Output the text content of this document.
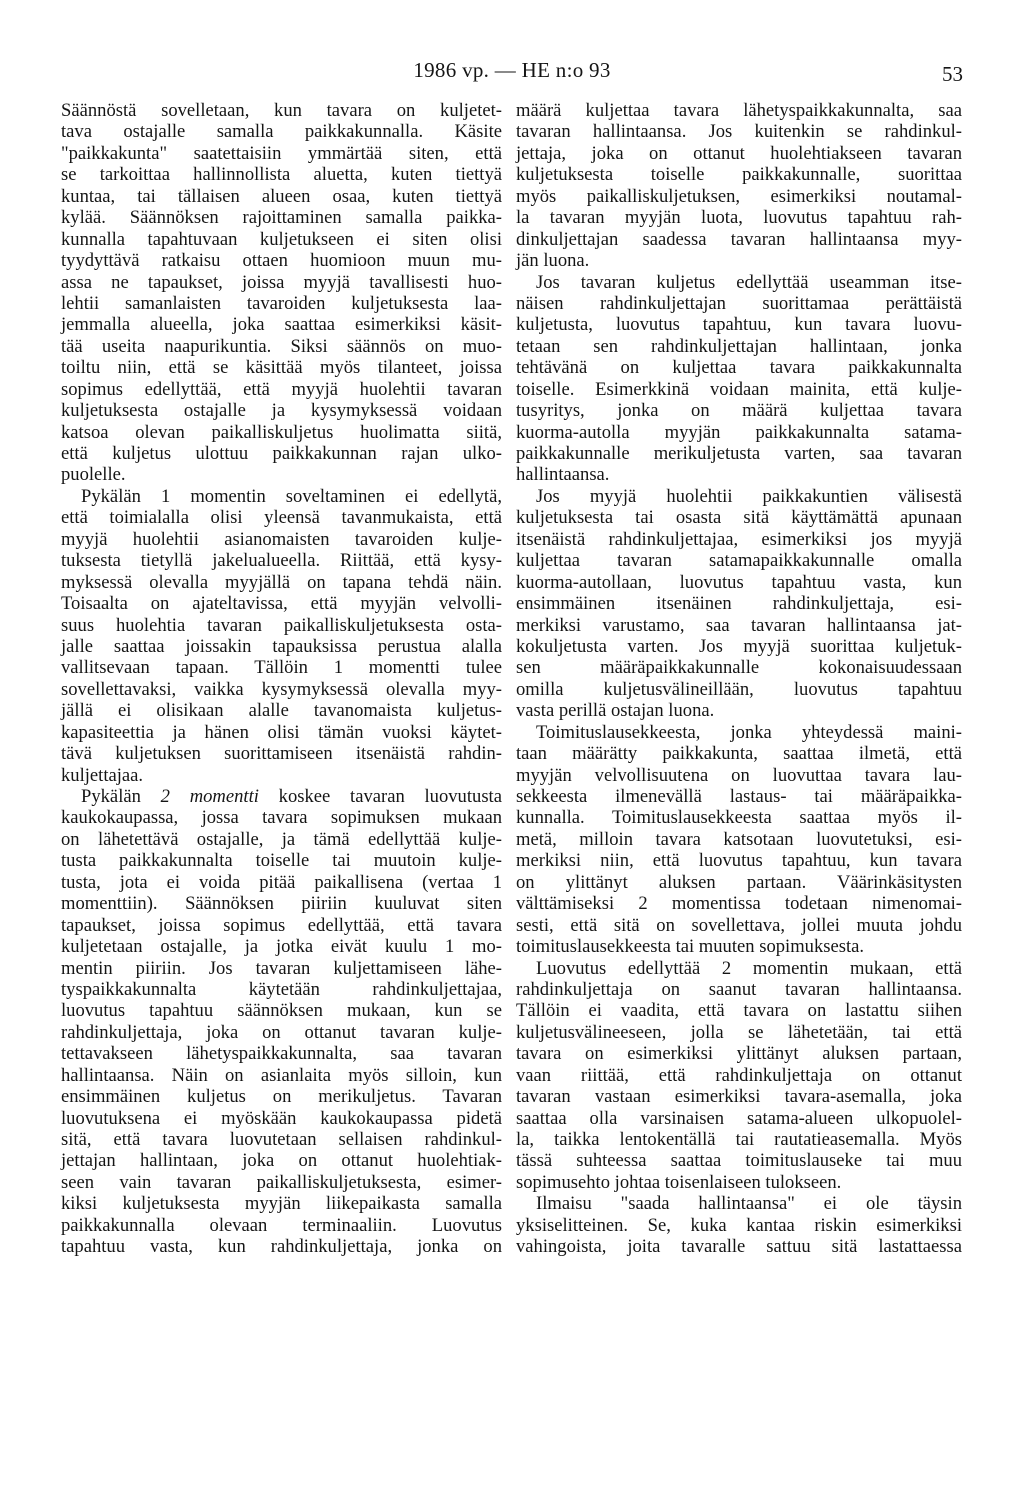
1986 vp. — HE n:o 93	53
Säännöstä sovelletaan, kun tavara on kuljetet-
tava ostajalle samalla paikkakunnalla. Käsite
"paikkakunta" saatettaisiin ymmärtää siten, että
se tarkoittaa hallinnollista aluetta, kuten tiettyä
kuntaa, tai tällaisen alueen osaa, kuten tiettyä
kylää. Säännöksen rajoittaminen samalla paikka-
kunnalla tapahtuvaan kuljetukseen ei siten olisi
tyydyttävä ratkaisu ottaen huomioon muun mu-
assa ne tapaukset, joissa myyjä tavallisesti huo-
lehtii samanlaisten tavaroiden kuljetuksesta laa-
jemmalla alueella, joka saattaa esimerkiksi käsit-
tää useita naapurikuntia. Siksi säännös on muo-
toiltu niin, että se käsittää myös tilanteet, joissa
sopimus edellyttää, että myyjä huolehtii tavaran
kuljetuksesta ostajalle ja kysymyksessä voidaan
katsoa olevan paikalliskuljetus huolimatta siitä,
että kuljetus ulottuu paikkakunnan rajan ulko-
puolelle.
Pykälän 1 momentin soveltaminen ei edellytä,
että toimialalla olisi yleensä tavanmukaista, että
myyjä huolehtii asianomaisten tavaroiden kulje-
tuksesta tietyllä jakelualueella. Riittää, että kysy-
myksessä olevalla myyjällä on tapana tehdä näin.
Toisaalta on ajateltavissa, että myyjän velvolli-
suus huolehtia tavaran paikalliskuljetuksesta osta-
jalle saattaa joissakin tapauksissa perustua alalla
vallitsevaan tapaan. Tällöin 1 momentti tulee
sovellettavaksi, vaikka kysymyksessä olevalla myy-
jällä ei olisikaan alalle tavanomaista kuljetus-
kapasiteettia ja hänen olisi tämän vuoksi käytet-
tävä kuljetuksen suorittamiseen itsenäistä rahdin-
kuljettajaa.
Pykälän 2 momentti koskee tavaran luovutusta
kaukokaupassa, jossa tavara sopimuksen mukaan
on lähetettävä ostajalle, ja tämä edellyttää kulje-
tusta paikkakunnalta toiselle tai muutoin kulje-
tusta, jota ei voida pitää paikallisena (vertaa 1
momenttiin). Säännöksen piiriin kuuluvat siten
tapaukset, joissa sopimus edellyttää, että tavara
kuljetetaan ostajalle, ja jotka eivät kuulu 1 mo-
mentin piiriin. Jos tavaran kuljettamiseen lähe-
tyspaikkakunnalta käytetään rahdinkuljettajaa,
luovutus tapahtuu säännöksen mukaan, kun se
rahdinkuljettaja, joka on ottanut tavaran kulje-
tettavakseen lähetyspaikkakunnalta, saa tavaran
hallintaansa. Näin on asianlaita myös silloin, kun
ensimmäinen kuljetus on merikuljetus. Tavaran
luovutuksena ei myöskään kaukokaupassa pidetä
sitä, että tavara luovutetaan sellaisen rahdinkul-
jettajan hallintaan, joka on ottanut huolehtiak-
seen vain tavaran paikalliskuljetuksesta, esimer-
kiksi kuljetuksesta myyjän liikepaikasta samalla
paikkakunnalla olevaan terminaaliin. Luovutus
tapahtuu vasta, kun rahdinkuljettaja, jonka on
määrä kuljettaa tavara lähetyspaikkakunnalta, saa
tavaran hallintaansa. Jos kuitenkin se rahdinkul-
jettaja, joka on ottanut huolehtiakseen tavaran
kuljetuksesta toiselle paikkakunnalle, suorittaa
myös paikalliskuljetuksen, esimerkiksi noutamal-
la tavaran myyjän luota, luovutus tapahtuu rah-
dinkuljettajan saadessa tavaran hallintaansa myy-
jän luona.
Jos tavaran kuljetus edellyttää useamman itse-
näisen rahdinkuljettajan suorittamaa perättäistä
kuljetusta, luovutus tapahtuu, kun tavara luovu-
tetaan sen rahdinkuljettajan hallintaan, jonka
tehtävänä on kuljettaa tavara paikkakunnalta
toiselle. Esimerkkinä voidaan mainita, että kulje-
tusyritys, jonka on määrä kuljettaa tavara
kuorma-autolla myyjän paikkakunnalta satama-
paikkakunnalle merikuljetusta varten, saa tavaran
hallintaansa.
Jos myyjä huolehtii paikkakuntien välisestä
kuljetuksesta tai osasta sitä käyttämättä apunaan
itsenäistä rahdinkuljettajaa, esimerkiksi jos myyjä
kuljettaa tavaran satamapaikkakunnalle omalla
kuorma-autollaan, luovutus tapahtuu vasta, kun
ensimmäinen itsenäinen rahdinkuljettaja, esi-
merkiksi varustamo, saa tavaran hallintaansa jat-
kokuljetusta varten. Jos myyjä suorittaa kuljetuk-
sen määräpaikkakunnalle kokonaisuudessaan
omilla kuljetusvälineillään, luovutus tapahtuu
vasta perillä ostajan luona.
Toimituslausekkeesta, jonka yhteydessä maini-
taan määrätty paikkakunta, saattaa ilmetä, että
myyjän velvollisuutena on luovuttaa tavara lau-
sekkeesta ilmenevällä lastaus- tai määräpaikka-
kunnalla. Toimituslausekkeesta saattaa myös il-
metä, milloin tavara katsotaan luovutetuksi, esi-
merkiksi niin, että luovutus tapahtuu, kun tavara
on ylittänyt aluksen partaan. Väärinkäsitysten
välttämiseksi 2 momentissa todetaan nimenomai-
sesti, että sitä on sovellettava, jollei muuta johdu
toimituslausekkeesta tai muuten sopimuksesta.
Luovutus edellyttää 2 momentin mukaan, että
rahdinkuljettaja on saanut tavaran hallintaansa.
Tällöin ei vaadita, että tavara on lastattu siihen
kuljetusvälineeseen, jolla se lähetetään, tai että
tavara on esimerkiksi ylittänyt aluksen partaan,
vaan riittää, että rahdinkuljettaja on ottanut
tavaran vastaan esimerkiksi tavara-asemalla, joka
saattaa olla varsinaisen satama-alueen ulkopuolel-
la, taikka lentokentällä tai rautatieasemalla. Myös
tässä suhteessa saattaa toimituslauseke tai muu
sopimusehto johtaa toisenlaiseen tulokseen.
Ilmaisu "saada hallintaansa" ei ole täysin
yksiselitteinen. Se, kuka kantaa riskin esimerkiksi
vahingoista, joita tavaralle sattuu sitä lastattaessa
